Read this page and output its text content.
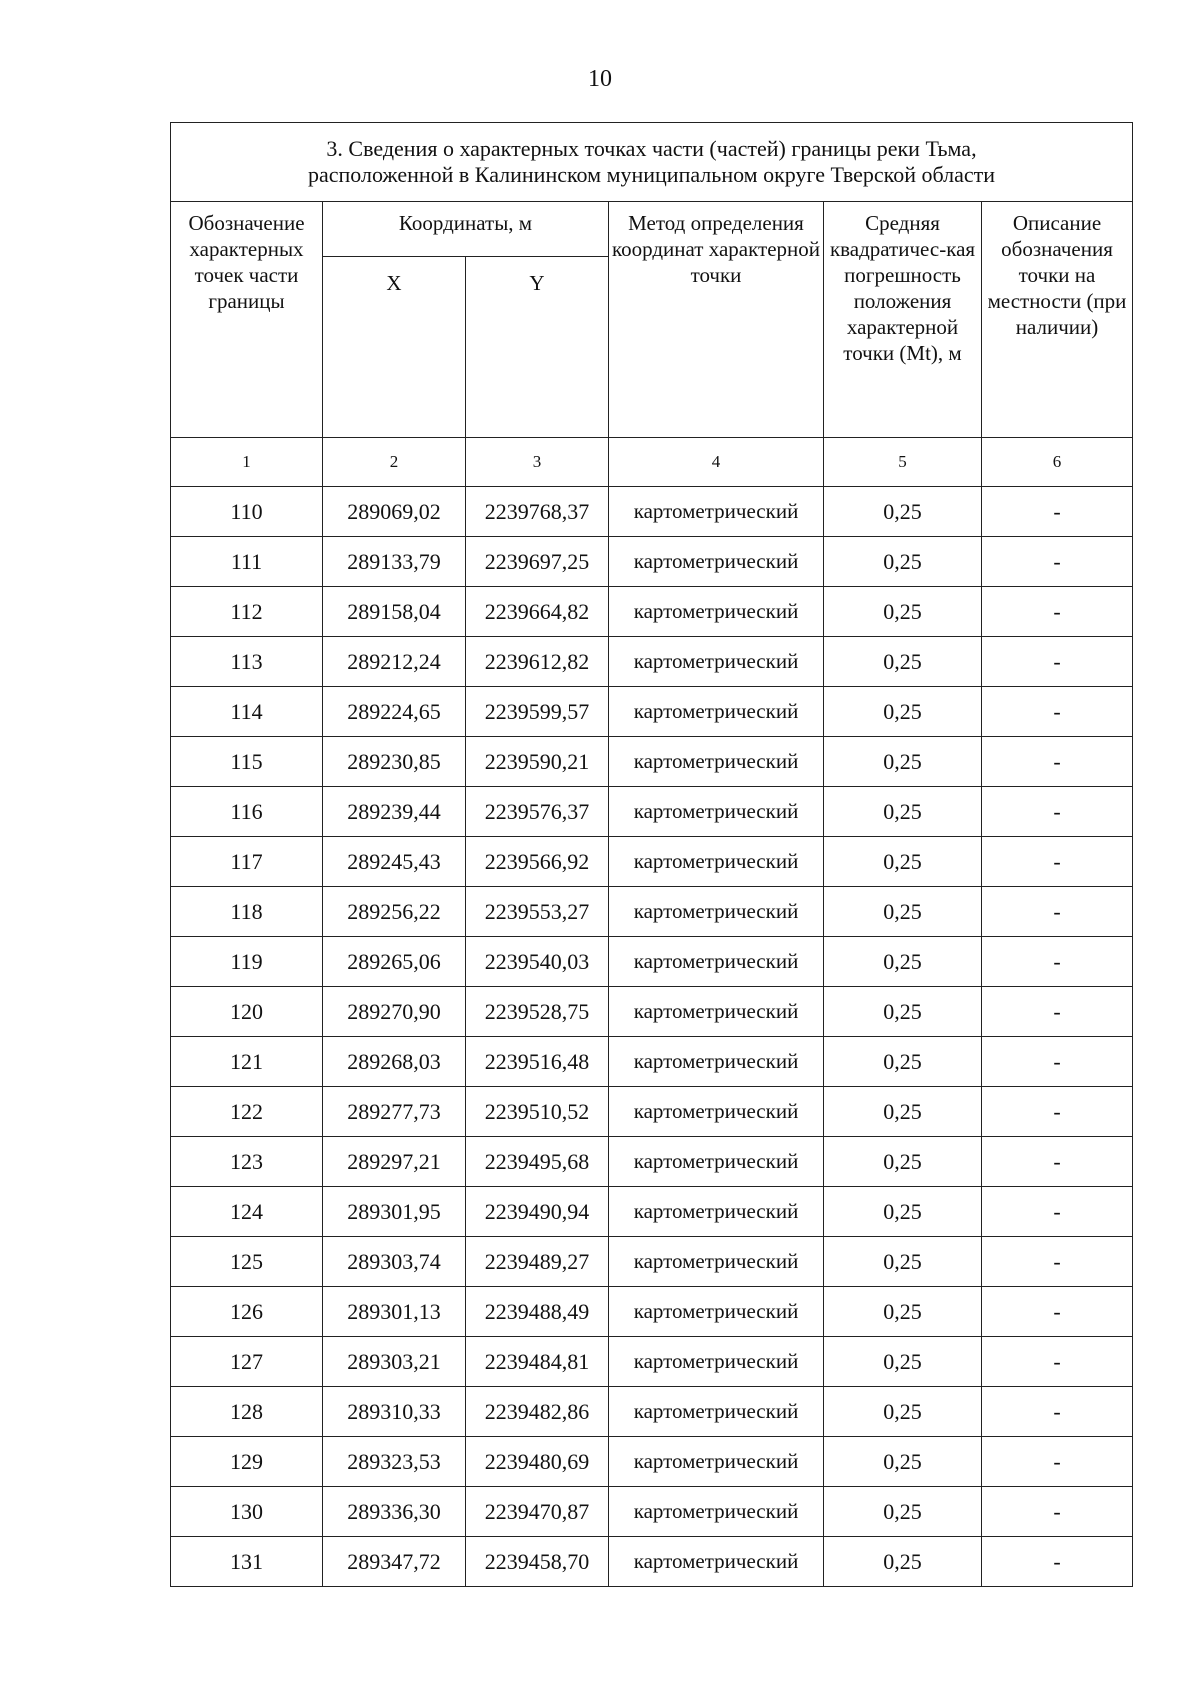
10
3. Сведения о характерных точках части (частей) границы реки Тьма,
расположенной в Калининском муниципальном округе Тверской области					

Обозначение характерных точек части границы	Координаты, м		Метод определения координат характерной точки	Средняя квадратичес-кая погрешность положения характерной точки (Mt), м	Описание обозначения точки на местности (при наличии)
	X	Y			
1	2	3	4	5	6
110	289069,02	2239768,37	картометрический	0,25	-
111	289133,79	2239697,25	картометрический	0,25	-
112	289158,04	2239664,82	картометрический	0,25	-
113	289212,24	2239612,82	картометрический	0,25	-
114	289224,65	2239599,57	картометрический	0,25	-
115	289230,85	2239590,21	картометрический	0,25	-
116	289239,44	2239576,37	картометрический	0,25	-
117	289245,43	2239566,92	картометрический	0,25	-
118	289256,22	2239553,27	картометрический	0,25	-
119	289265,06	2239540,03	картометрический	0,25	-
120	289270,90	2239528,75	картометрический	0,25	-
121	289268,03	2239516,48	картометрический	0,25	-
122	289277,73	2239510,52	картометрический	0,25	-
123	289297,21	2239495,68	картометрический	0,25	-
124	289301,95	2239490,94	картометрический	0,25	-
125	289303,74	2239489,27	картометрический	0,25	-
126	289301,13	2239488,49	картометрический	0,25	-
127	289303,21	2239484,81	картометрический	0,25	-
128	289310,33	2239482,86	картометрический	0,25	-
129	289323,53	2239480,69	картометрический	0,25	-
130	289336,30	2239470,87	картометрический	0,25	-
131	289347,72	2239458,70	картометрический	0,25	-
